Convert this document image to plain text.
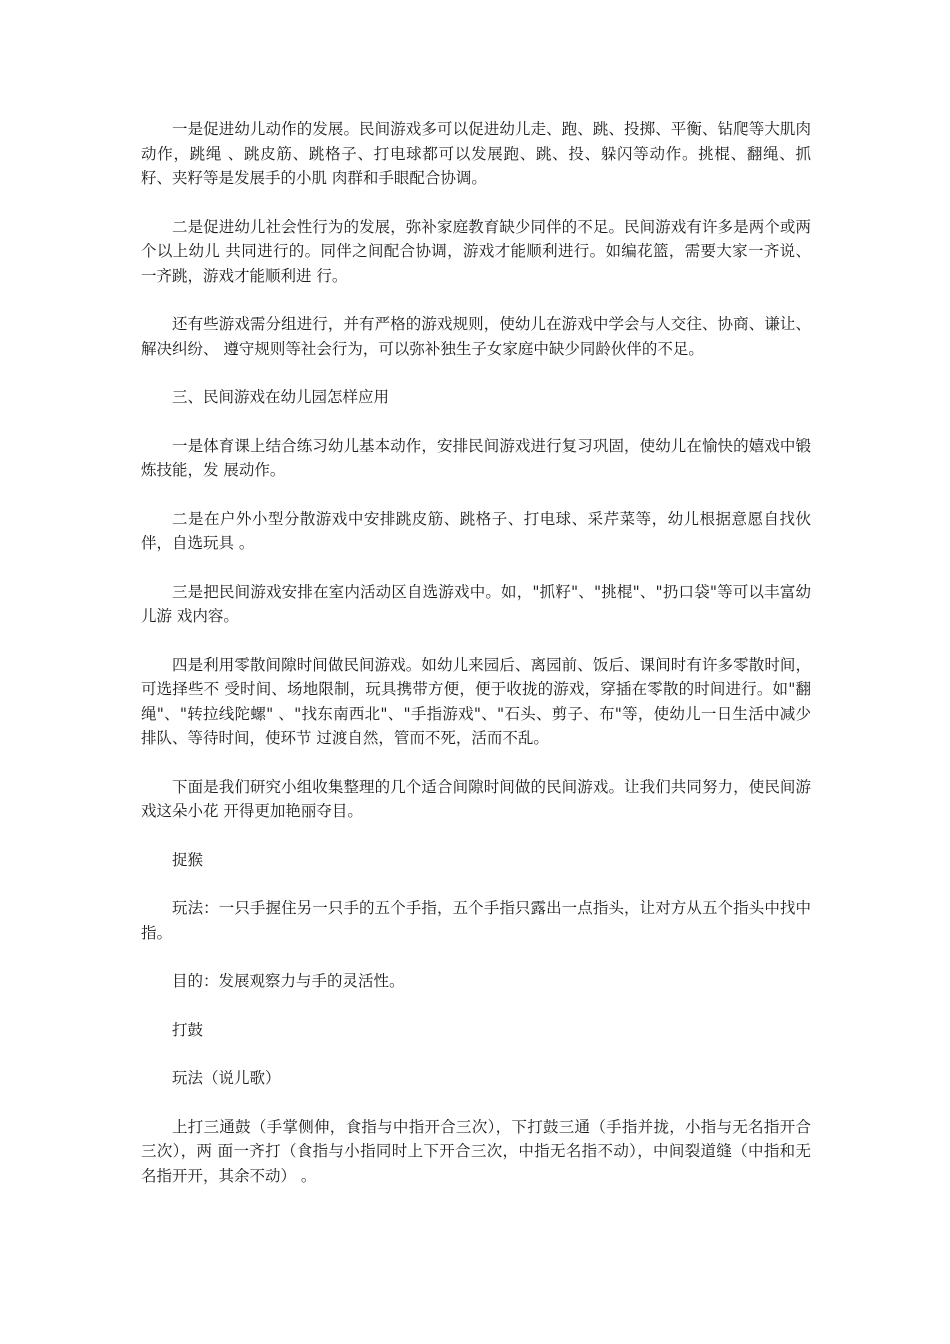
一是促进幼儿动作的发展。民间游戏多可以促进幼儿走、跑、跳、投掷、平衡、钻爬等大肌肉动作，跳绳 、跳皮筋、跳格子、打电球都可以发展跑、跳、投、躲闪等动作。挑棍、翻绳、抓籽、夹籽等是发展手的小肌 肉群和手眼配合协调。

二是促进幼儿社会性行为的发展，弥补家庭教育缺少同伴的不足。民间游戏有许多是两个或两个以上幼儿 共同进行的。同伴之间配合协调，游戏才能顺利进行。如编花篮，需要大家一齐说、一齐跳，游戏才能顺利进 行。

还有些游戏需分组进行，并有严格的游戏规则，使幼儿在游戏中学会与人交往、协商、谦让、解决纠纷、 遵守规则等社会行为，可以弥补独生子女家庭中缺少同龄伙伴的不足。

三、民间游戏在幼儿园怎样应用

一是体育课上结合练习幼儿基本动作，安排民间游戏进行复习巩固，使幼儿在愉快的嬉戏中锻炼技能，发 展动作。

二是在户外小型分散游戏中安排跳皮筋、跳格子、打电球、采芹菜等，幼儿根据意愿自找伙伴，自选玩具 。

三是把民间游戏安排在室内活动区自选游戏中。如，"抓籽"、"挑棍"、"扔口袋"等可以丰富幼儿游 戏内容。

四是利用零散间隙时间做民间游戏。如幼儿来园后、离园前、饭后、课间时有许多零散时间，可选择些不 受时间、场地限制，玩具携带方便，便于收拢的游戏，穿插在零散的时间进行。如"翻绳"、"转拉线陀螺" 、"找东南西北"、"手指游戏"、"石头、剪子、布"等，使幼儿一日生活中减少排队、等待时间，使环节 过渡自然，管而不死，活而不乱。

下面是我们研究小组收集整理的几个适合间隙时间做的民间游戏。让我们共同努力，使民间游戏这朵小花 开得更加艳丽夺目。

捉猴

玩法：一只手握住另一只手的五个手指，五个手指只露出一点指头，让对方从五个指头中找中指。

目的：发展观察力与手的灵活性。

打鼓

玩法（说儿歌）

上打三通鼓（手掌侧伸，食指与中指开合三次），下打鼓三通（手指并拢，小指与无名指开合三次），两 面一齐打（食指与小指同时上下开合三次，中指无名指不动），中间裂道缝（中指和无名指开开，其余不动） 。
